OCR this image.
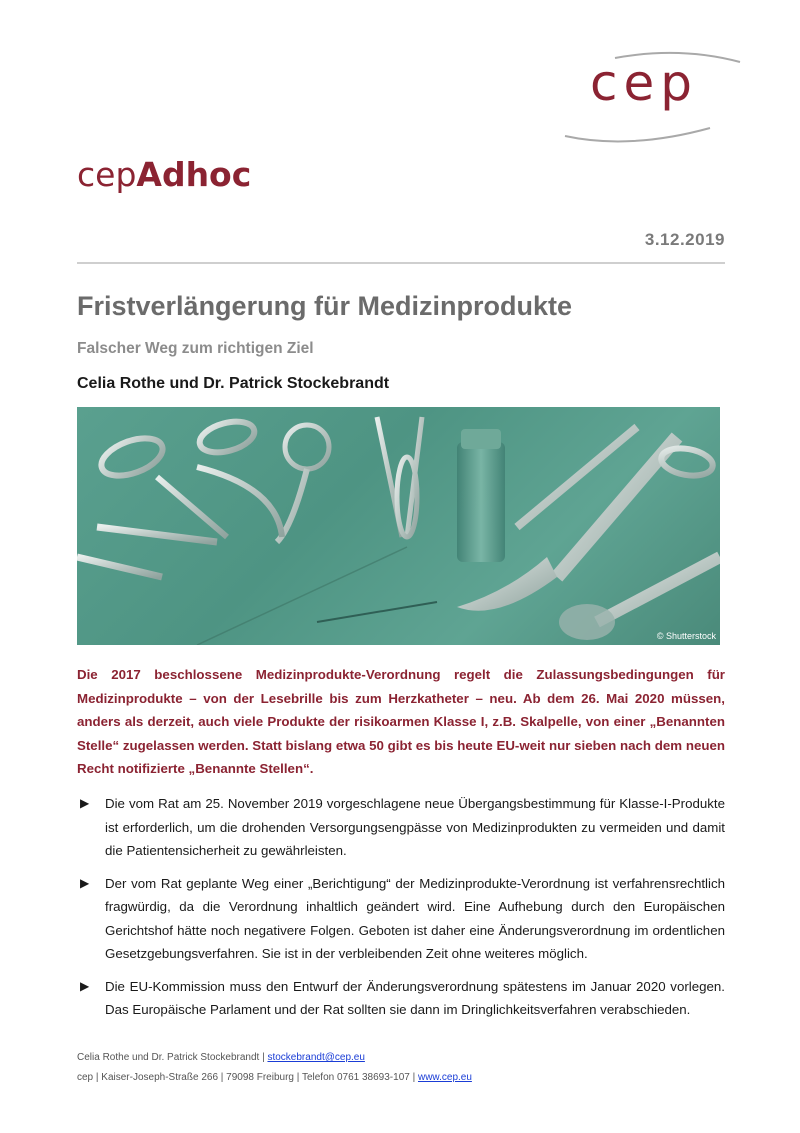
cep
cepAdhoc
3.12.2019
Fristverlängerung für Medizinprodukte
Falscher Weg zum richtigen Ziel
Celia Rothe und Dr. Patrick Stockebrandt
© Shutterstock

Die 2017 beschlossene Medizinprodukte-Verordnung regelt die Zulassungsbedingungen für Medizinprodukte – von der Lesebrille bis zum Herzkatheter – neu. Ab dem 26. Mai 2020 müssen, anders als derzeit, auch viele Produkte der risikoarmen Klasse I, z.B. Skalpelle, von einer „Benannten Stelle“ zugelassen werden. Statt bislang etwa 50 gibt es bis heute EU-weit nur sieben nach dem neuen Recht notifizierte „Benannte Stellen“.

▶ Die vom Rat am 25. November 2019 vorgeschlagene neue Übergangsbestimmung für Klasse-I-Produkte ist erforderlich, um die drohenden Versorgungsengpässe von Medizinprodukten zu vermeiden und damit die Patientensicherheit zu gewährleisten.
▶ Der vom Rat geplante Weg einer „Berichtigung“ der Medizinprodukte-Verordnung ist verfahrensrechtlich fragwürdig, da die Verordnung inhaltlich geändert wird. Eine Aufhebung durch den Europäischen Gerichtshof hätte noch negativere Folgen. Geboten ist daher eine Änderungsverordnung im ordentlichen Gesetzgebungsverfahren. Sie ist in der verbleibenden Zeit ohne weiteres möglich.
▶ Die EU-Kommission muss den Entwurf der Änderungsverordnung spätestens im Januar 2020 vorlegen. Das Europäische Parlament und der Rat sollten sie dann im Dringlichkeitsverfahren verabschieden.
Celia Rothe und Dr. Patrick Stockebrandt | stockebrandt@cep.eu
cep | Kaiser-Joseph-Straße 266 | 79098 Freiburg | Telefon 0761 38693-107 | www.cep.eu
